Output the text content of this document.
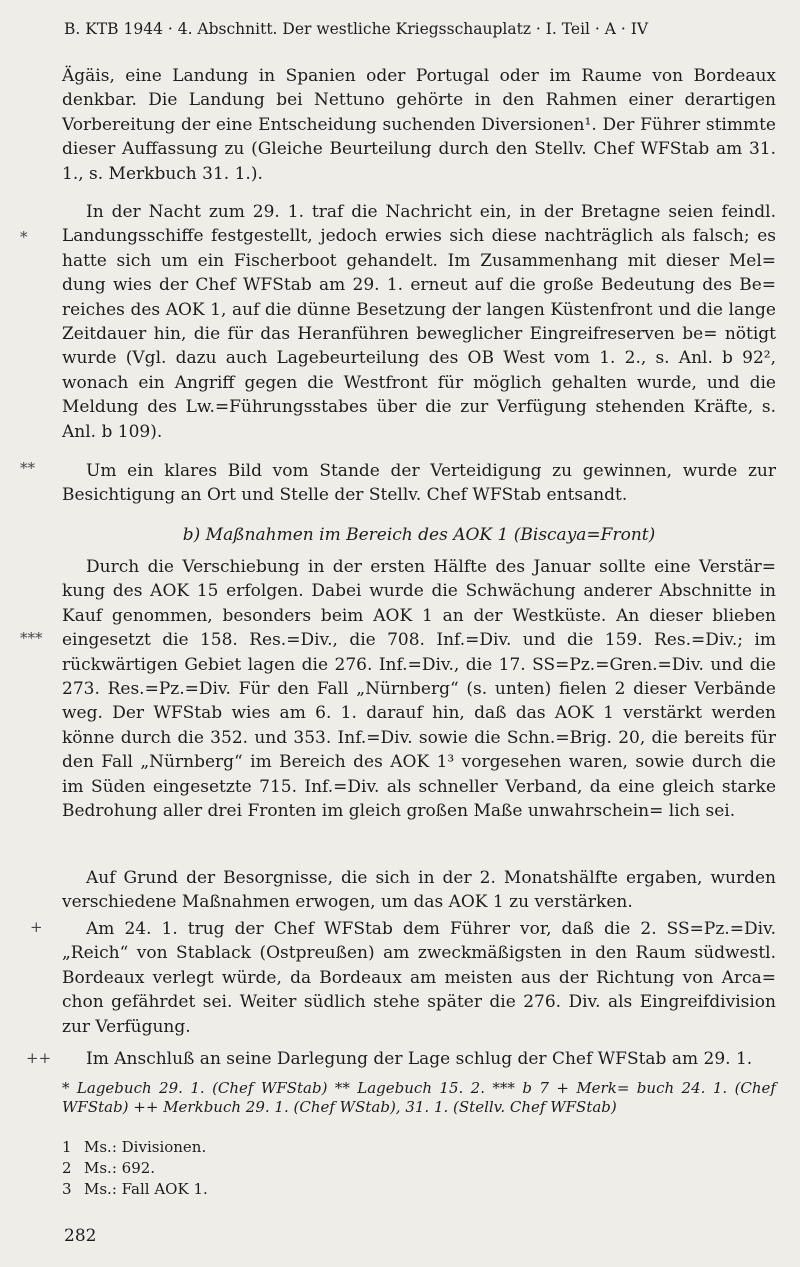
B. KTB 1944 · 4. Abschnitt. Der westliche Kriegsschauplatz · I. Teil · A · IV

Ägäis, eine Landung in Spanien oder Portugal oder im Raume von Bordeaux denkbar. Die Landung bei Nettuno gehörte in den Rahmen einer derartigen Vorbereitung der eine Entscheidung suchenden Diversionen¹. Der Führer stimmte dieser Auffassung zu (Gleiche Beurteilung durch den Stellv. Chef WFStab am 31. 1., s. Merkbuch 31. 1.).

In der Nacht zum 29. 1. traf die Nachricht ein, in der Bretagne seien feindl. Landungsschiffe festgestellt, jedoch erwies sich diese nachträglich als falsch; es hatte sich um ein Fischerboot gehandelt. Im Zusammenhang mit dieser Mel= dung wies der Chef WFStab am 29. 1. erneut auf die große Bedeutung des Be= reiches des AOK 1, auf die dünne Besetzung der langen Küstenfront und die lange Zeitdauer hin, die für das Heranführen beweglicher Eingreifreserven be= nötigt wurde (Vgl. dazu auch Lagebeurteilung des OB West vom 1. 2., s. Anl. b 92², wonach ein Angriff gegen die Westfront für möglich gehalten wurde, und die Meldung des Lw.=Führungsstabes über die zur Verfügung stehenden Kräfte, s. Anl. b 109).

Um ein klares Bild vom Stande der Verteidigung zu gewinnen, wurde zur Besichtigung an Ort und Stelle der Stellv. Chef WFStab entsandt.

b) Maßnahmen im Bereich des AOK 1 (Biscaya=Front)

Durch die Verschiebung in der ersten Hälfte des Januar sollte eine Verstär= kung des AOK 15 erfolgen. Dabei wurde die Schwächung anderer Abschnitte in Kauf genommen, besonders beim AOK 1 an der Westküste. An dieser blieben eingesetzt die 158. Res.=Div., die 708. Inf.=Div. und die 159. Res.=Div.; im rückwärtigen Gebiet lagen die 276. Inf.=Div., die 17. SS=Pz.=Gren.=Div. und die 273. Res.=Pz.=Div. Für den Fall „Nürnberg“ (s. unten) fielen 2 dieser Verbände weg. Der WFStab wies am 6. 1. darauf hin, daß das AOK 1 verstärkt werden könne durch die 352. und 353. Inf.=Div. sowie die Schn.=Brig. 20, die bereits für den Fall „Nürnberg“ im Bereich des AOK 1³ vorgesehen waren, sowie durch die im Süden eingesetzte 715. Inf.=Div. als schneller Verband, da eine gleich starke Bedrohung aller drei Fronten im gleich großen Maße unwahrschein= lich sei.

Auf Grund der Besorgnisse, die sich in der 2. Monatshälfte ergaben, wurden verschiedene Maßnahmen erwogen, um das AOK 1 zu verstärken.

Am 24. 1. trug der Chef WFStab dem Führer vor, daß die 2. SS=Pz.=Div. „Reich“ von Stablack (Ostpreußen) am zweckmäßigsten in den Raum südwestl. Bordeaux verlegt würde, da Bordeaux am meisten aus der Richtung von Arca= chon gefährdet sei. Weiter südlich stehe später die 276. Div. als Eingreifdivision zur Verfügung.

Im Anschluß an seine Darlegung der Lage schlug der Chef WFStab am 29. 1.

*
**
***
+
++
* Lagebuch 29. 1. (Chef WFStab) ** Lagebuch 15. 2. *** b 7 + Merk= buch 24. 1. (Chef WFStab) ++ Merkbuch 29. 1. (Chef WStab), 31. 1. (Stellv. Chef WFStab)
1 Ms.: Divisionen.
2 Ms.: 692.
3 Ms.: Fall AOK 1.
282
